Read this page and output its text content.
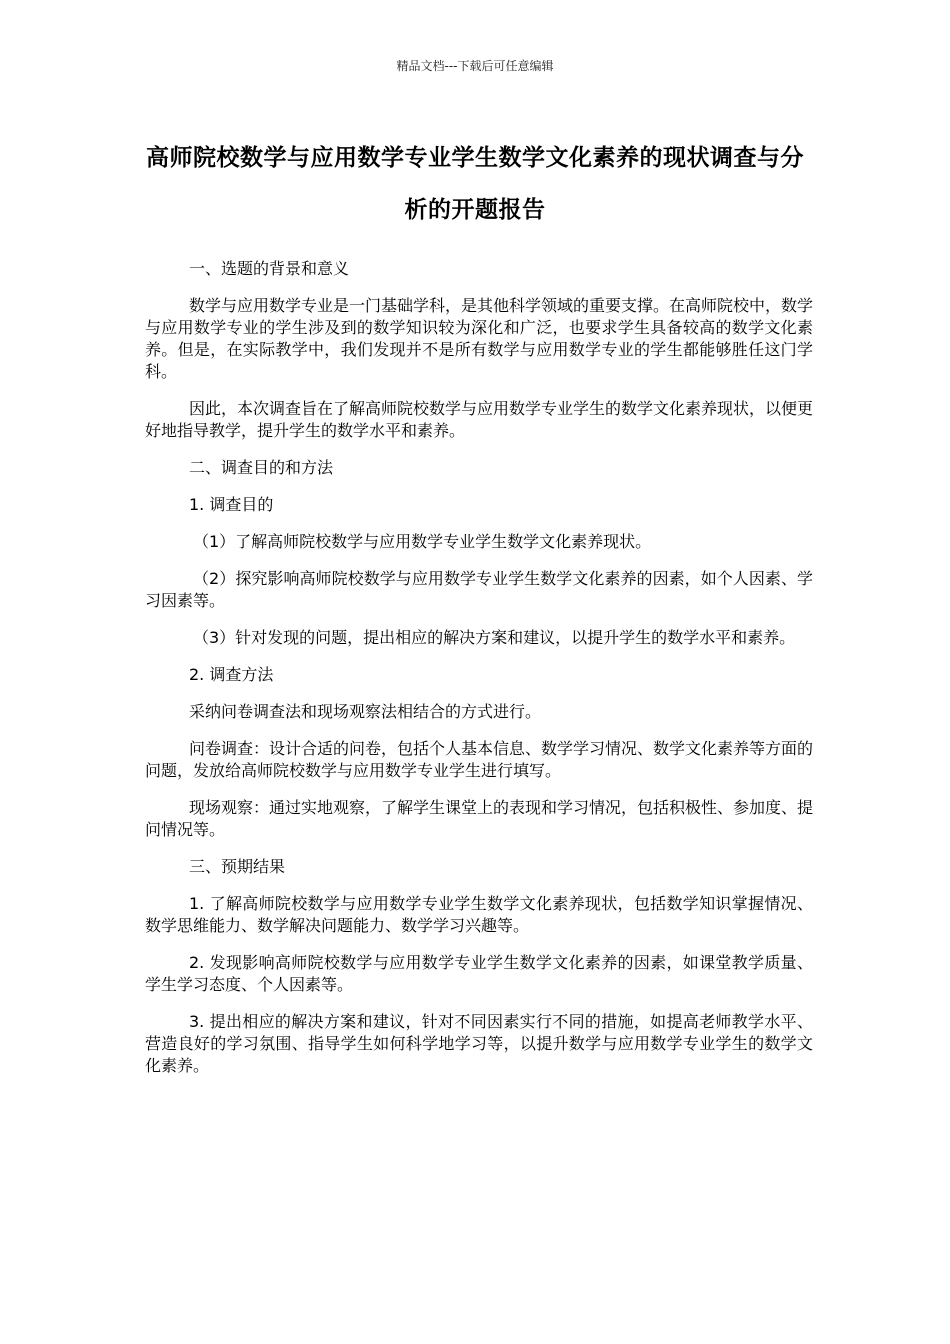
精品文档---下载后可任意编辑
高师院校数学与应用数学专业学生数学文化素养的现状调查与分析的开题报告

一、选题的背景和意义

数学与应用数学专业是一门基础学科，是其他科学领域的重要支撑。在高师院校中，数学与应用数学专业的学生涉及到的数学知识较为深化和广泛，也要求学生具备较高的数学文化素养。但是，在实际教学中，我们发现并不是所有数学与应用数学专业的学生都能够胜任这门学科。

因此，本次调查旨在了解高师院校数学与应用数学专业学生的数学文化素养现状，以便更好地指导教学，提升学生的数学水平和素养。

二、调查目的和方法

1. 调查目的

（1）了解高师院校数学与应用数学专业学生数学文化素养现状。

（2）探究影响高师院校数学与应用数学专业学生数学文化素养的因素，如个人因素、学习因素等。

（3）针对发现的问题，提出相应的解决方案和建议，以提升学生的数学水平和素养。

2. 调查方法

采纳问卷调查法和现场观察法相结合的方式进行。

问卷调查：设计合适的问卷，包括个人基本信息、数学学习情况、数学文化素养等方面的问题，发放给高师院校数学与应用数学专业学生进行填写。

现场观察：通过实地观察，了解学生课堂上的表现和学习情况，包括积极性、参加度、提问情况等。

三、预期结果

1. 了解高师院校数学与应用数学专业学生数学文化素养现状，包括数学知识掌握情况、数学思维能力、数学解决问题能力、数学学习兴趣等。

2. 发现影响高师院校数学与应用数学专业学生数学文化素养的因素，如课堂教学质量、学生学习态度、个人因素等。

3. 提出相应的解决方案和建议，针对不同因素实行不同的措施，如提高老师教学水平、营造良好的学习氛围、指导学生如何科学地学习等，以提升数学与应用数学专业学生的数学文化素养。
